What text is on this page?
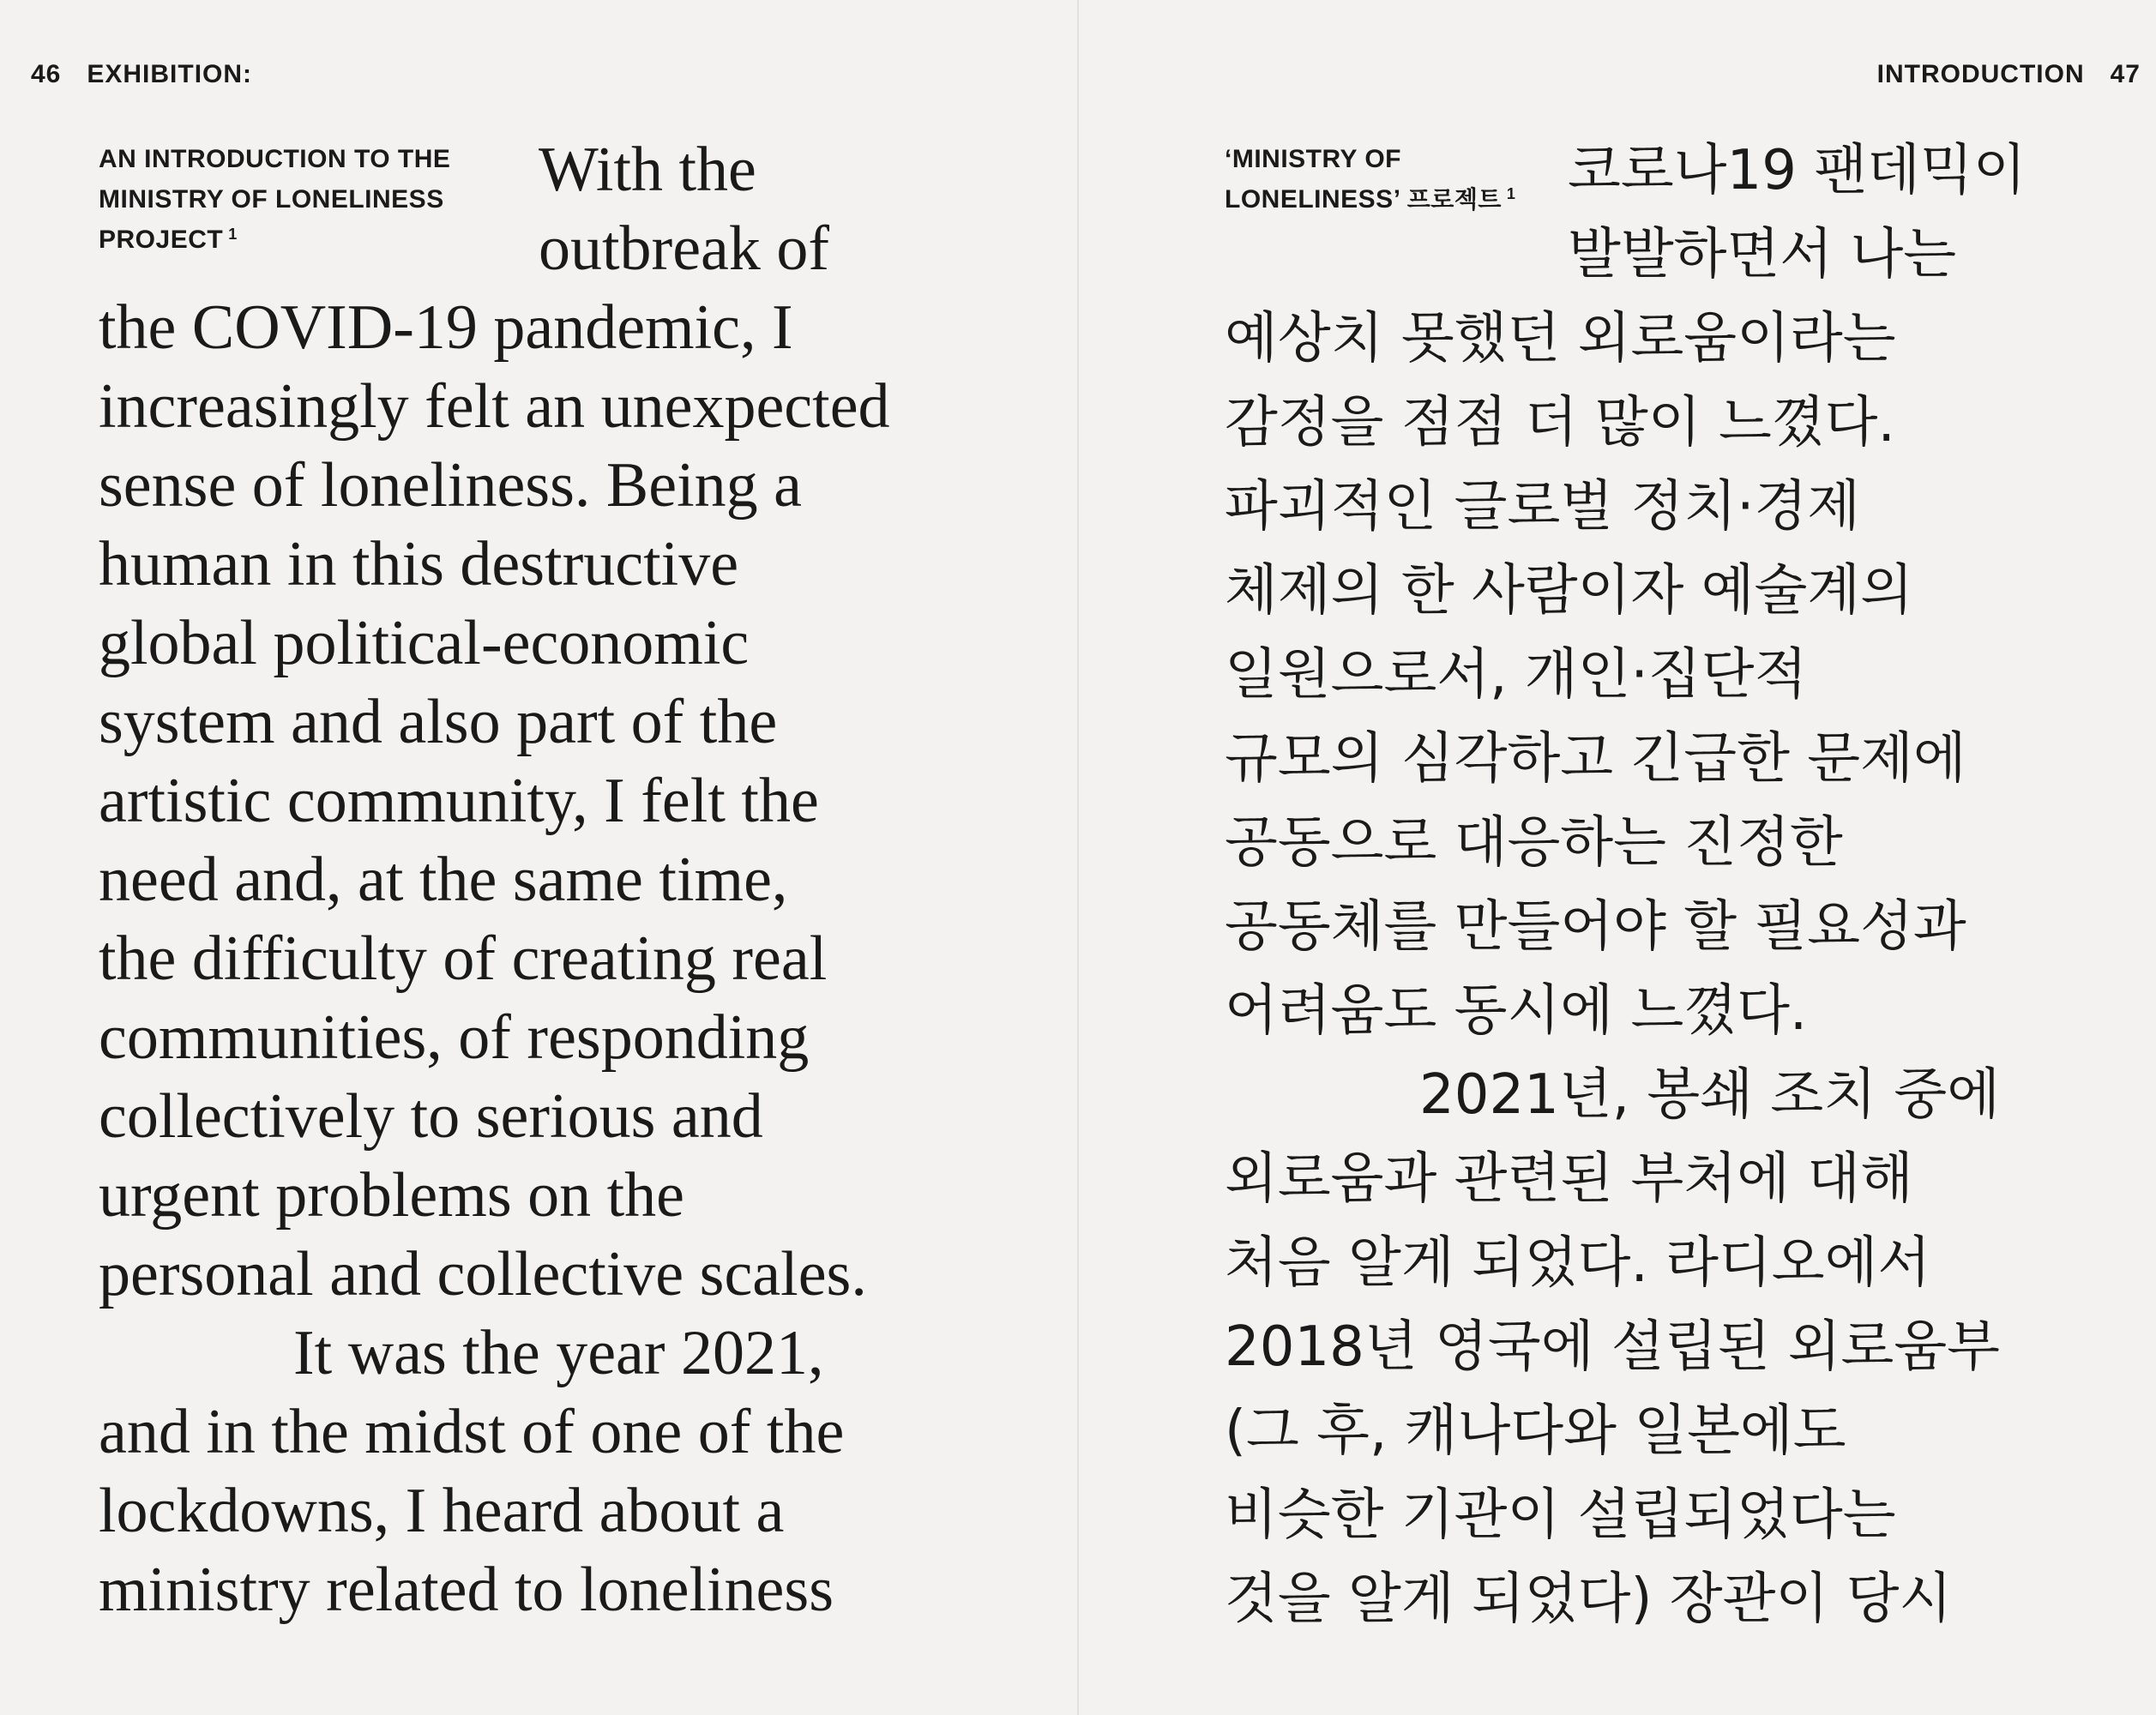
46 EXHIBITION:
AN INTRODUCTION TO THE
MINISTRY OF LONELINESS
PROJECT $^1$
With the
outbreak of
the COVID-19 pandemic, I
increasingly felt an unexpected
sense of loneliness. Being a
human in this destructive
global political-economic
system and also part of the
artistic community, I felt the
need and, at the same time,
the difficulty of creating real
communities, of responding
collectively to serious and
urgent problems on the
personal and collective scales.
It was the year 2021,
and in the midst of one of the
lockdowns, I heard about a
ministry related to loneliness
INTRODUCTION 47
‘MINISTRY OF
LONELINESS’ 프로젝트 $^1$ 코로나19 팬데믹이
발발하면서 나는
예상치 못했던 외로움이라는
감정을 점점 더 많이 느꼈다.
파괴적인 글로벌 정치·경제
체제의 한 사람이자 예술계의
일원으로서, 개인·집단적
규모의 심각하고 긴급한 문제에
공동으로 대응하는 진정한
공동체를 만들어야 할 필요성과
어려움도 동시에 느꼈다.
2021년, 봉쇄 조치 중에
외로움과 관련된 부처에 대해
처음 알게 되었다. 라디오에서
2018년 영국에 설립된 외로움부
(그 후, 캐나다와 일본에도
비슷한 기관이 설립되었다는
것을 알게 되었다) 장관이 당시
